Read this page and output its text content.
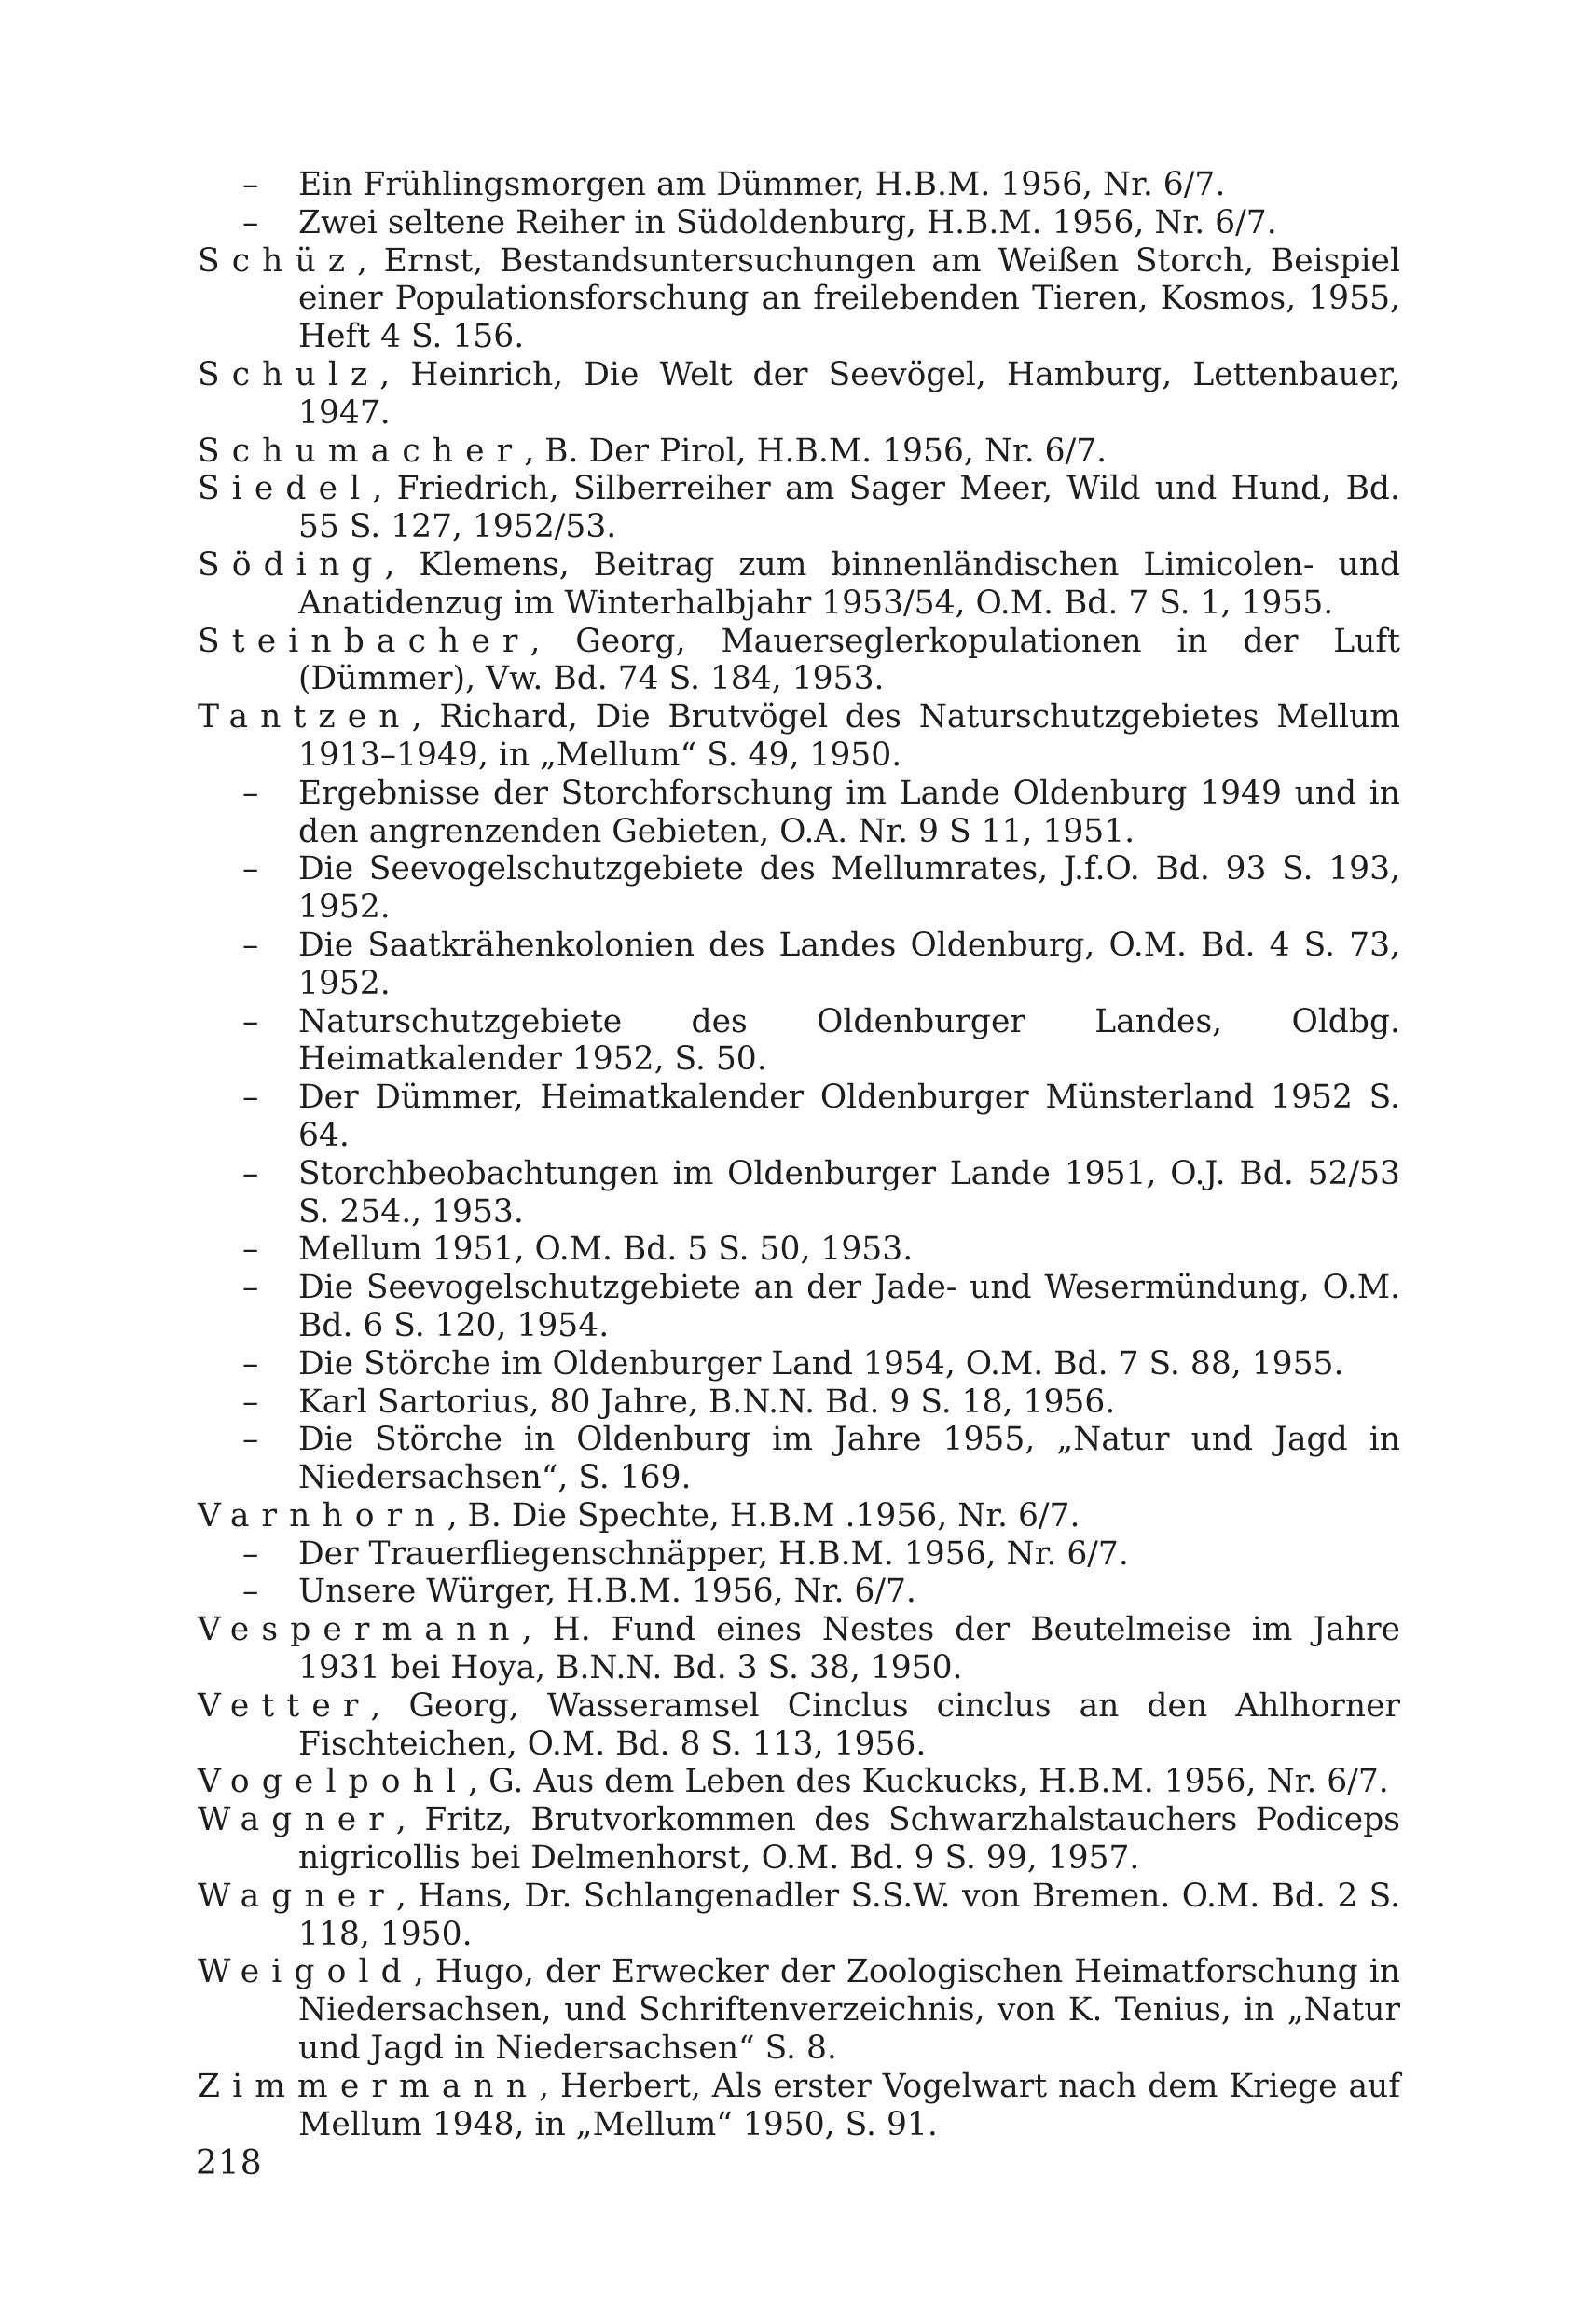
– Ein Frühlingsmorgen am Dümmer, H.B.M. 1956, Nr. 6/7.

– Zwei seltene Reiher in Südoldenburg, H.B.M. 1956, Nr. 6/7.

Schüz, Ernst, Bestandsuntersuchungen am Weißen Storch, Beispiel einer Populationsforschung an freilebenden Tieren, Kosmos, 1955, Heft 4 S. 156.

Schulz, Heinrich, Die Welt der Seevögel, Hamburg, Lettenbauer, 1947.

Schumacher, B. Der Pirol, H.B.M. 1956, Nr. 6/7.

Siedel, Friedrich, Silberreiher am Sager Meer, Wild und Hund, Bd. 55 S. 127, 1952/53.

Söding, Klemens, Beitrag zum binnenländischen Limicolen- und Anatidenzug im Winterhalbjahr 1953/54, O.M. Bd. 7 S. 1, 1955.

Steinbacher, Georg, Mauerseglerkopulationen in der Luft (Dümmer), Vw. Bd. 74 S. 184, 1953.

Tantzen, Richard, Die Brutvögel des Naturschutzgebietes Mellum 1913–1949, in „Mellum“ S. 49, 1950.

– Ergebnisse der Storchforschung im Lande Oldenburg 1949 und in den angrenzenden Gebieten, O.A. Nr. 9 S 11, 1951.

– Die Seevogelschutzgebiete des Mellumrates, J.f.O. Bd. 93 S. 193, 1952.

– Die Saatkrähenkolonien des Landes Oldenburg, O.M. Bd. 4 S. 73, 1952.

– Naturschutzgebiete des Oldenburger Landes, Oldbg. Heimatkalender 1952, S. 50.

– Der Dümmer, Heimatkalender Oldenburger Münsterland 1952 S. 64.

– Storchbeobachtungen im Oldenburger Lande 1951, O.J. Bd. 52/53 S. 254., 1953.

– Mellum 1951, O.M. Bd. 5 S. 50, 1953.

– Die Seevogelschutzgebiete an der Jade- und Wesermündung, O.M. Bd. 6 S. 120, 1954.

– Die Störche im Oldenburger Land 1954, O.M. Bd. 7 S. 88, 1955.

– Karl Sartorius, 80 Jahre, B.N.N. Bd. 9 S. 18, 1956.

– Die Störche in Oldenburg im Jahre 1955, „Natur und Jagd in Niedersachsen“, S. 169.

Varnhorn, B. Die Spechte, H.B.M .1956, Nr. 6/7.

– Der Trauerfliegenschnäpper, H.B.M. 1956, Nr. 6/7.

– Unsere Würger, H.B.M. 1956, Nr. 6/7.

Vespermann, H. Fund eines Nestes der Beutelmeise im Jahre 1931 bei Hoya, B.N.N. Bd. 3 S. 38, 1950.

Vetter, Georg, Wasseramsel Cinclus cinclus an den Ahlhorner Fischteichen, O.M. Bd. 8 S. 113, 1956.

Vogelpohl, G. Aus dem Leben des Kuckucks, H.B.M. 1956, Nr. 6/7.

Wagner, Fritz, Brutvorkommen des Schwarzhalstauchers Podiceps nigricollis bei Delmenhorst, O.M. Bd. 9 S. 99, 1957.

Wagner, Hans, Dr. Schlangenadler S.S.W. von Bremen. O.M. Bd. 2 S. 118, 1950.

Weigold, Hugo, der Erwecker der Zoologischen Heimatforschung in Niedersachsen, und Schriftenverzeichnis, von K. Tenius, in „Natur und Jagd in Niedersachsen“ S. 8.

Zimmermann, Herbert, Als erster Vogelwart nach dem Kriege auf Mellum 1948, in „Mellum“ 1950, S. 91.

218
